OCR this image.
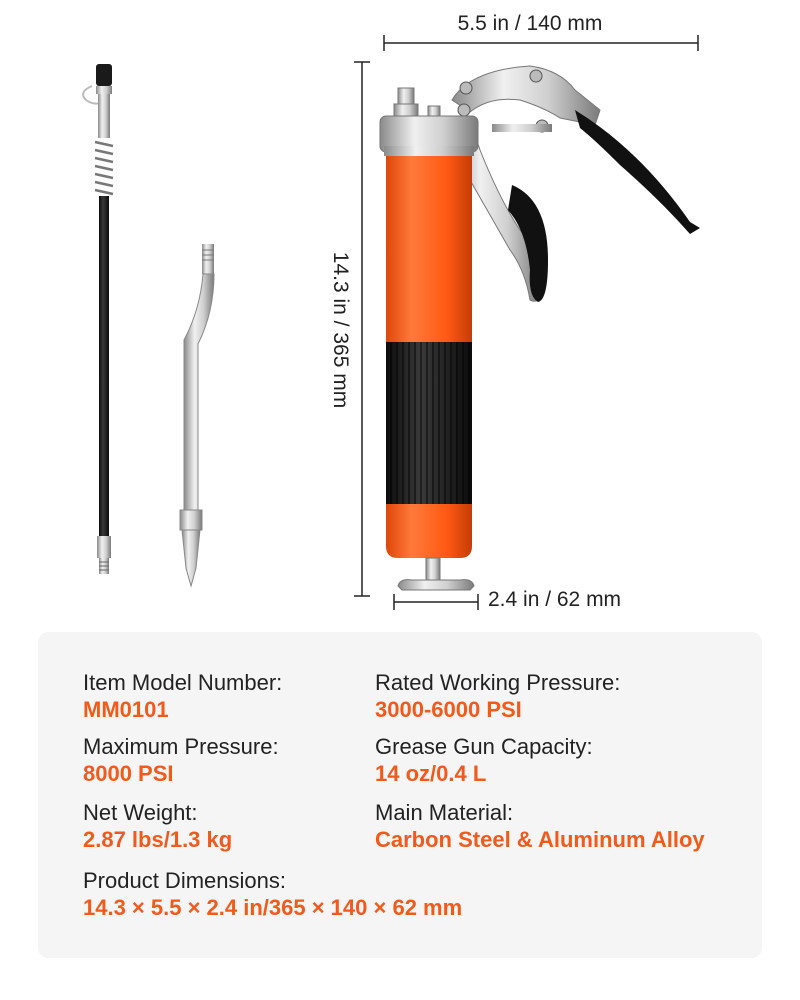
5.5 in / 140 mm
14.3 in / 365 mm
2.4 in / 62 mm
Item Model Number:
MM0101
Rated Working Pressure:
3000-6000 PSI
Maximum Pressure:
8000 PSI
Grease Gun Capacity:
14 oz/0.4 L
Net Weight:
2.87 lbs/1.3 kg
Main Material:
Carbon Steel & Aluminum Alloy
Product Dimensions:
14.3 × 5.5 × 2.4 in/365 × 140 × 62 mm
